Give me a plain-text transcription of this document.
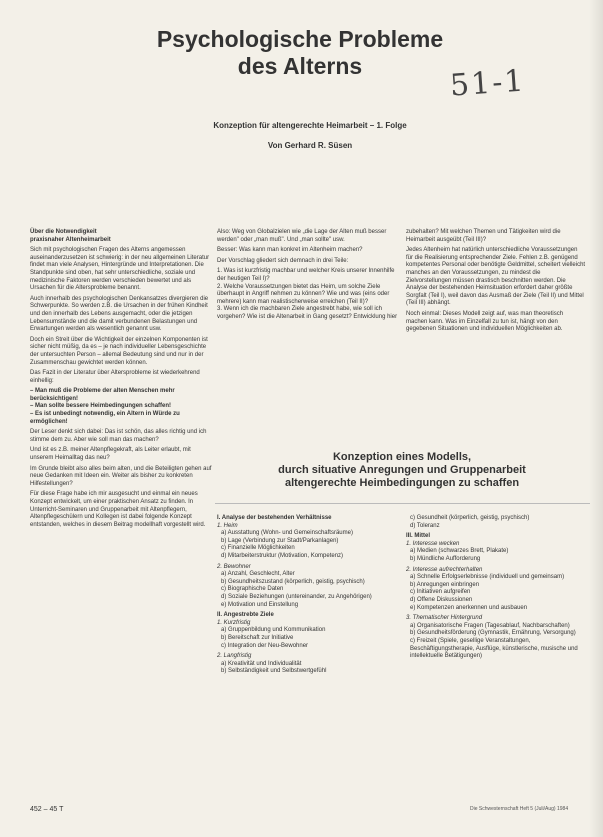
Psychologische Probleme
des Alterns	51-1
Konzeption für altengerechte Heimarbeit – 1. Folge
Von Gerhard R. Süsen
Über die Notwendigkeit
praxisnaher Altenheimarbeit

Sich mit psychologischen Fragen des Alterns angemessen auseinanderzusetzen ist schwierig: in der neu allgemeinen Literatur findet man viele Analysen, Hintergründe und Interpretationen. Die Standpunkte sind oben, hat sehr unterschiedliche, soziale und medizinische Faktoren werden verschieden bewertet und als Ursachen für die Altersprobleme benannt.

Auch innerhalb des psychologischen Denkansatzes divergieren die Schwerpunkte. So werden z.B. die Ursachen in der frühen Kindheit und den innerhalb des Lebens ausgemacht, oder die jetzigen Lebensumstände und die damit verbundenen Belastungen und Erwartungen werden als wesentlich genannt usw.

Doch ein Streit über die Wichtigkeit der einzelnen Komponenten ist sicher nicht müßig, da es – je nach individueller Lebensgeschichte der untersuchten Person – allemal Bedeutung sind und nur in der Zusammenschau gewichtet werden können.

Das Fazit in der Literatur über Altersprobleme ist wiederkehrend einhellig:

– Man muß die Probleme der alten Menschen mehr berücksichtigen!

– Man sollte bessere Heimbedingungen schaffen!

– Es ist unbedingt notwendig, ein Altern in Würde zu ermöglichen!

Der Leser denkt sich dabei: Das ist schön, das alles richtig und ich stimme dem zu. Aber wie soll man das machen?

Und ist es z.B. meiner Altenpflegekraft, als Leiter erlaubt, mit unserem Heimalltag das neu?

Im Grunde bleibt also alles beim alten, und die Beteiligten gehen auf neue Gedanken mit Ideen ein. Weiter als bisher zu konkreten Hilfestellungen?

Für diese Frage habe ich mir ausgesucht und einmal ein neues Konzept entwickelt, um einer praktischen Ansatz zu finden. In Unterricht-Seminaren und Gruppenarbeit mit Altenpflegern, Altenpflegeschülern und Kollegen ist dabei folgende Konzept entstanden, welches in diesem Beitrag modellhaft vorgestellt wird.

Also: Weg von Globalzielen wie „die Lage der Alten muß besser werden" oder „man muß". Und „man sollte" usw.

Besser: Was kann man konkret im Altenheim machen?

Der Vorschlag gliedert sich demnach in drei Teile:

1. Was ist kurzfristig machbar und welcher Kreis unserer Innenhilfe der heutigen Teil I)?

2. Welche Voraussetzungen bietet das Heim, um solche Ziele überhaupt in Angriff nehmen zu können? Wie und was (eins oder mehrere) kann man realistischerweise erreichen (Teil II)?

3. Wenn ich die machbaren Ziele angestrebt habe, wie soll ich vorgehen? Wie ist die Altenarbeit in Gang gesetzt? Entwicklung hier

zubehalten? Mit welchen Themen und Tätigkeiten wird die Heimarbeit ausgeübt (Teil III)?

Jedes Altenheim hat natürlich unterschiedliche Voraussetzungen für die Realisierung entsprechender Ziele. Fehlen z.B. genügend kompetentes Personal oder benötigte Geldmittel, scheitert vielleicht manches an den Voraussetzungen, zu mindest die Zielvorstellungen müssen drastisch beschnitten werden. Die Analyse der bestehenden Heimsituation erfordert daher größte Sorgfalt (Teil I), weil davon das Ausmaß der Ziele (Teil II) und Mittel (Teil III) abhängt.

Noch einmal: Dieses Modell zeigt auf, was man theoretisch machen kann. Was im Einzelfall zu tun ist, hängt von den gegebenen Situationen und individuellen Möglichkeiten ab.

Konzeption eines Modells,
durch situative Anregungen und Gruppenarbeit
altengerechte Heimbedingungen zu schaffen
I. Analyse der bestehenden Verhältnisse
1. Heim
a) Ausstattung (Wohn- und Gemeinschaftsräume)
b) Lage (Verbindung zur Stadt/Parkanlagen)
c) Finanzielle Möglichkeiten
d) Mitarbeiterstruktur (Motivation, Kompetenz)
2. Bewohner
a) Anzahl, Geschlecht, Alter
b) Gesundheitszustand (körperlich, geistig, psychisch)
c) Biographische Daten
d) Soziale Beziehungen (untereinander, zu Angehörigen)
e) Motivation und Einstellung
II. Angestrebte Ziele
1. Kurzfristig
a) Gruppenbildung und Kommunikation
b) Bereitschaft zur Initiative
c) Integration der Neu-Bewohner
2. Langfristig
a) Kreativität und Individualität
b) Selbständigkeit und Selbstwertgefühl
c) Gesundheit (körperlich, geistig, psychisch)
d) Toleranz
III. Mittel
1. Interesse wecken
a) Medien (schwarzes Brett, Plakate)
b) Mündliche Aufforderung
2. Interesse aufrechterhalten
a) Schnelle Erfolgserlebnisse (individuell und gemeinsam)
b) Anregungen einbringen
c) Initiativen aufgreifen
d) Offene Diskussionen
e) Kompetenzen anerkennen und ausbauen
3. Thematischer Hintergrund
a) Organisatorische Fragen (Tagesablauf, Nachbarschaften)
b) Gesundheitsförderung (Gymnastik, Ernährung, Versorgung)
c) Freizeit (Spiele, gesellige Veranstaltungen, Beschäftigungstherapie, Ausflüge, künstlerische, musische und intellektuelle Betätigungen)
452 – 45 T	Die Schwesternschaft Heft 5 (Juli/Aug) 1984
